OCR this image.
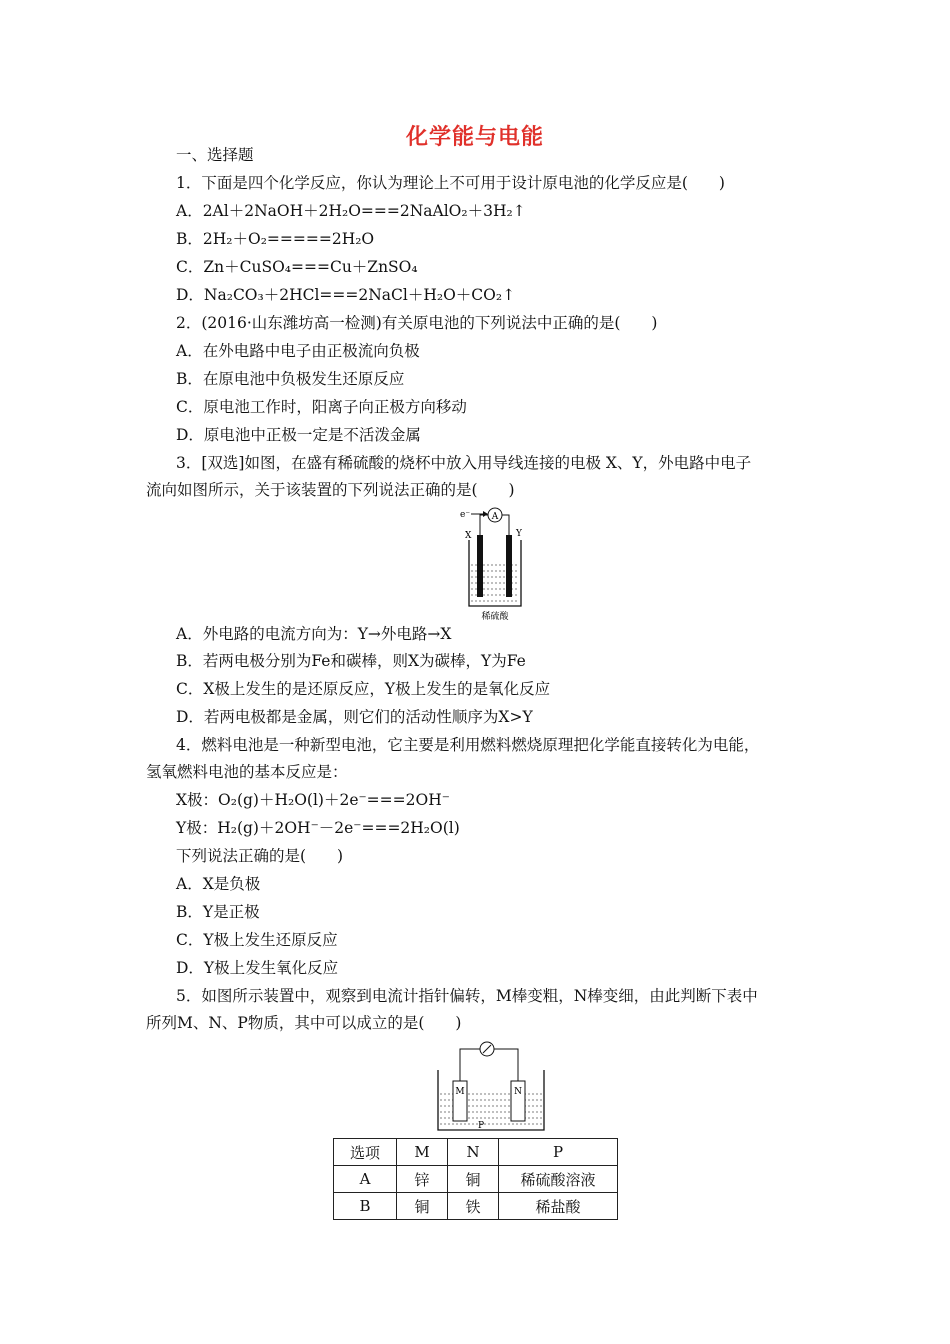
化学能与电能
一、选择题
1．下面是四个化学反应，你认为理论上不可用于设计原电池的化学反应是(　　)
A．2Al＋2NaOH＋2H₂O===2NaAlO₂＋3H₂↑
B．2H₂＋O₂=====2H₂O
C．Zn＋CuSO₄===Cu＋ZnSO₄
D．Na₂CO₃＋2HCl===2NaCl＋H₂O＋CO₂↑
2．(2016·山东潍坊高一检测)有关原电池的下列说法中正确的是(　　)
A．在外电路中电子由正极流向负极
B．在原电池中负极发生还原反应
C．原电池工作时，阳离子向正极方向移动
D．原电池中正极一定是不活泼金属
3．[双选]如图，在盛有稀硫酸的烧杯中放入用导线连接的电极 X、Y，外电路中电子
流向如图所示，关于该装置的下列说法正确的是(　　)
e⁻ A
X	Y
稀硫酸
A．外电路的电流方向为：Y→外电路→X
B．若两电极分别为Fe和碳棒，则X为碳棒，Y为Fe
C．X极上发生的是还原反应，Y极上发生的是氧化反应
D．若两电极都是金属，则它们的活动性顺序为X>Y
4．燃料电池是一种新型电池，它主要是利用燃料燃烧原理把化学能直接转化为电能，
氢氧燃料电池的基本反应是：
X极：O₂(g)＋H₂O(l)＋2e⁻===2OH⁻
Y极：H₂(g)＋2OH⁻－2e⁻===2H₂O(l)
下列说法正确的是(　　)
A．X是负极
B．Y是正极
C．Y极上发生还原反应
D．Y极上发生氧化反应
5．如图所示装置中，观察到电流计指针偏转，M棒变粗，N棒变细，由此判断下表中
所列M、N、P物质，其中可以成立的是(　　)
M	N
P
选项	M	N	P
A	锌	铜	稀硫酸溶液
B	铜	铁	稀盐酸
